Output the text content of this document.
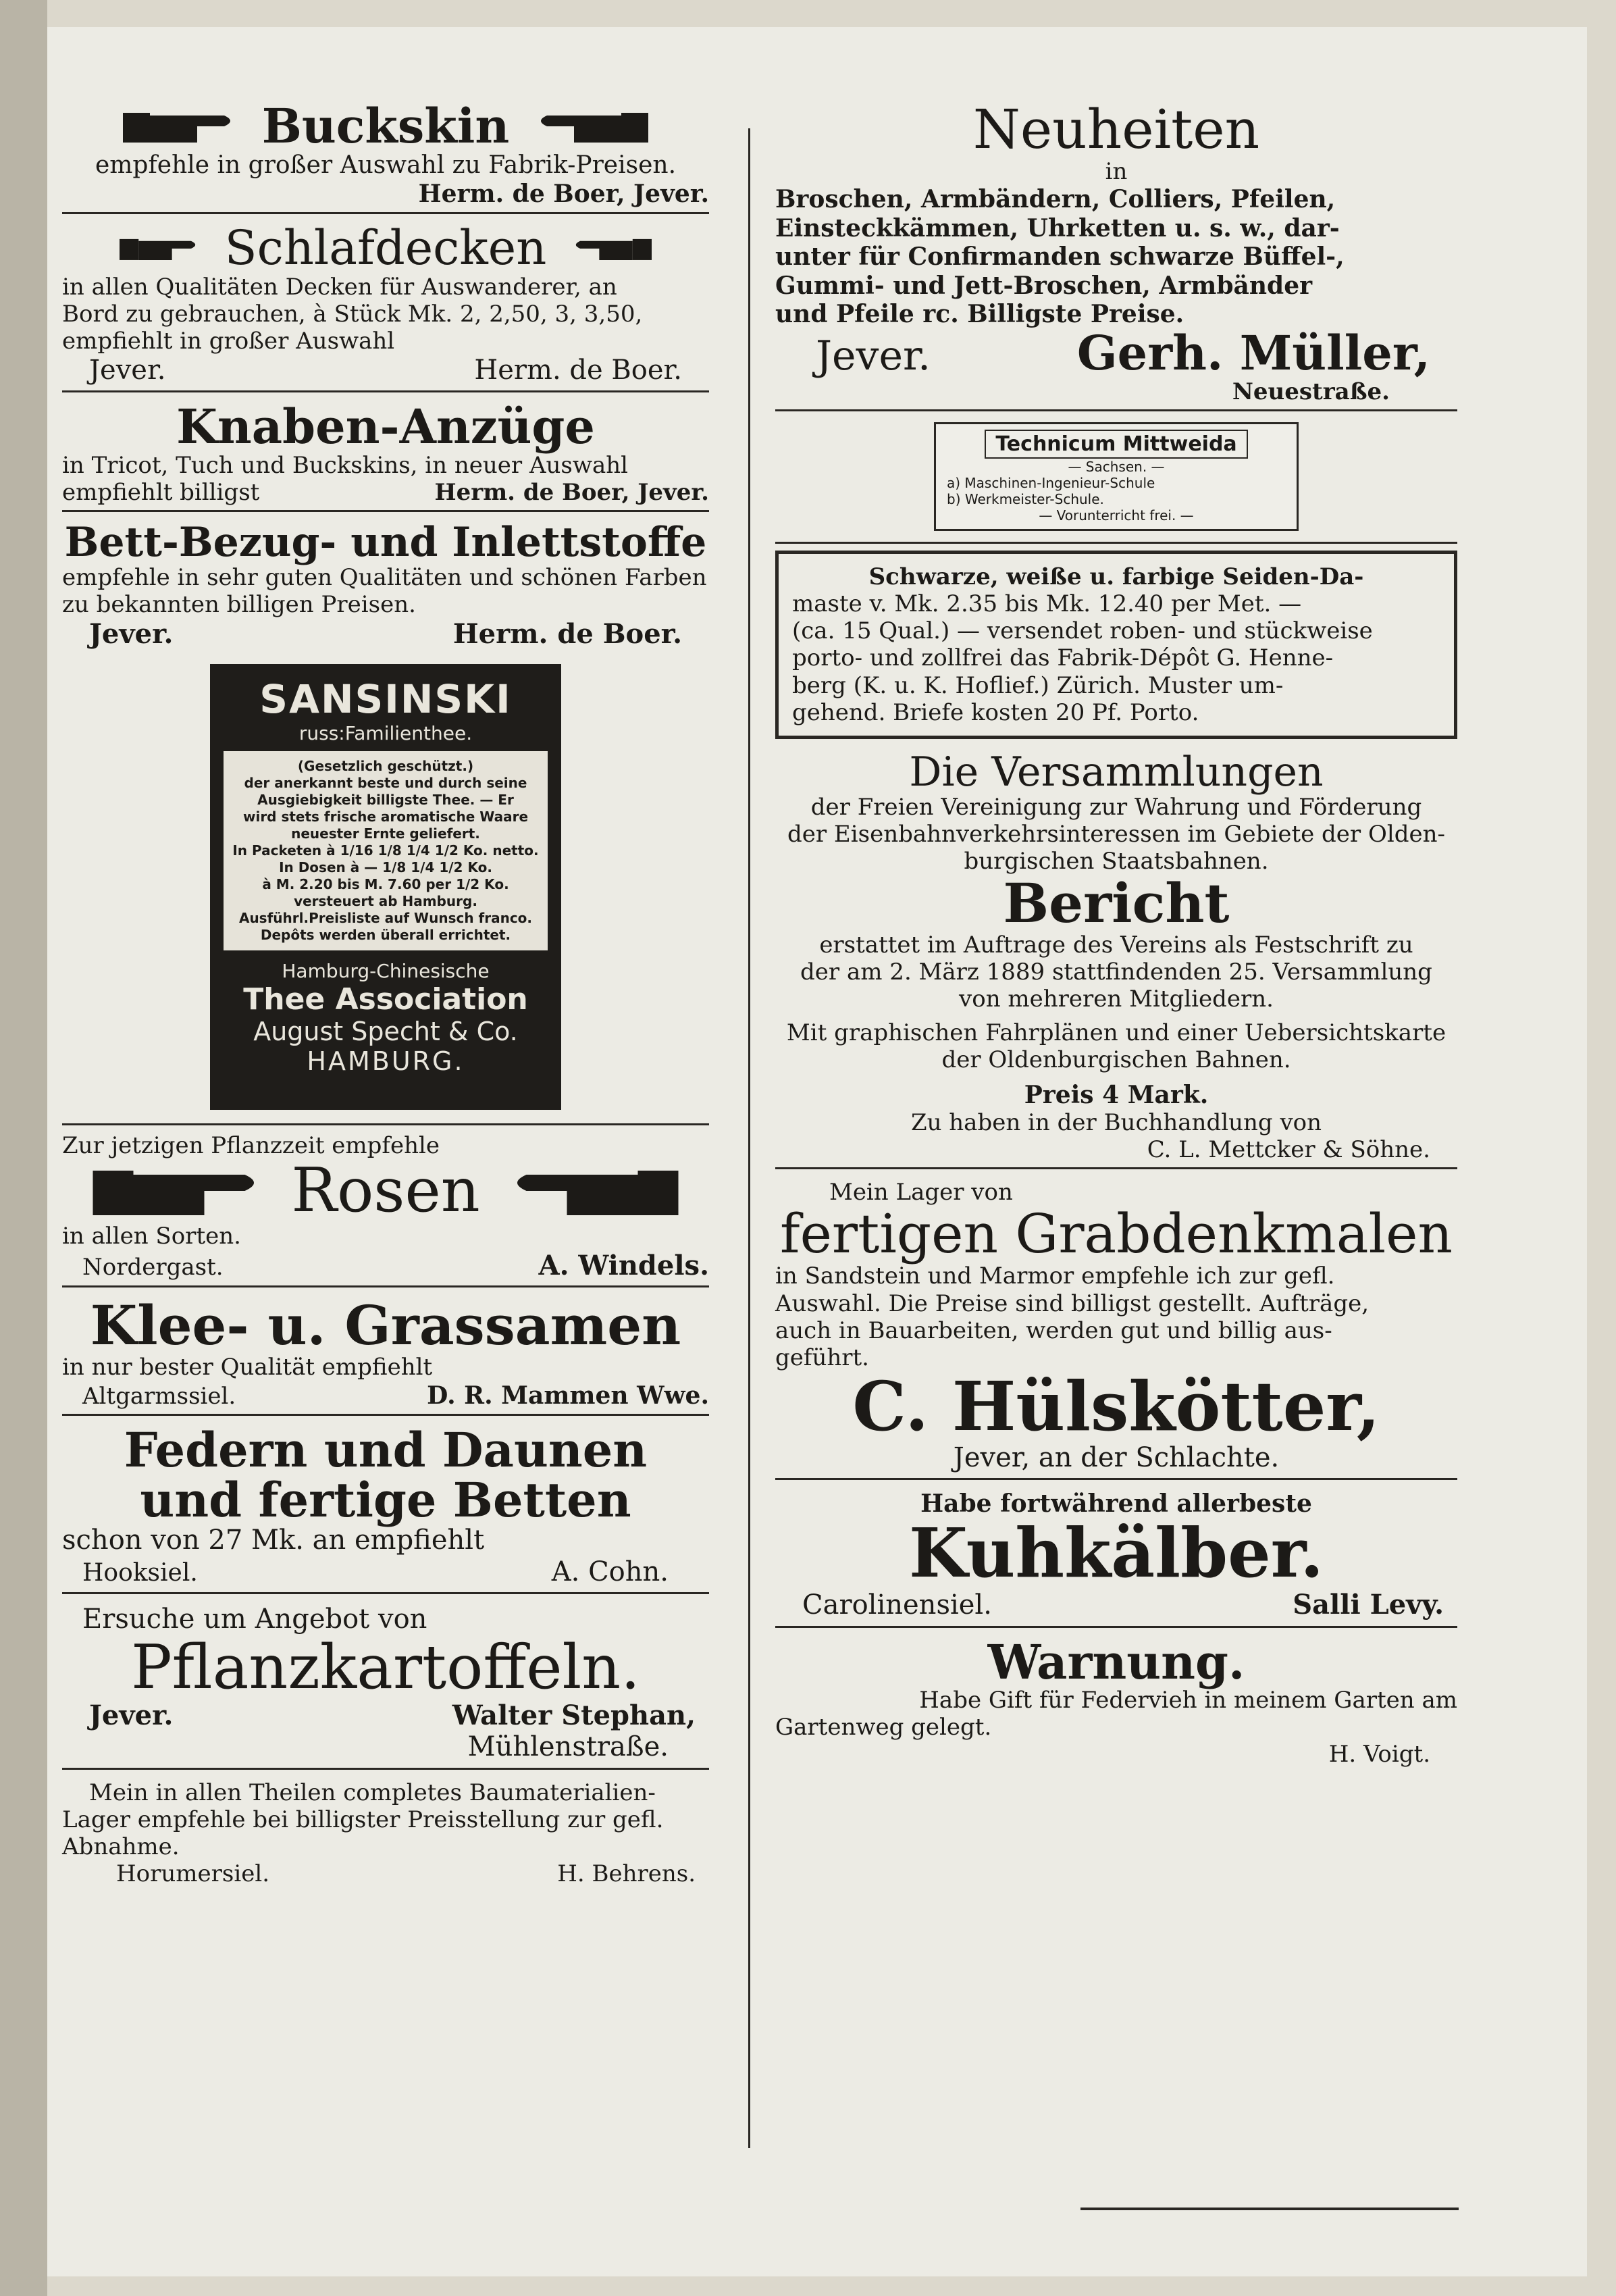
Buckskin

empfehle in großer Auswahl zu Fabrik-Preisen.

Herm. de Boer, Jever.

Schlafdecken

in allen Qualitäten Decken für Auswanderer, an

Bord zu gebrauchen, à Stück Mk. 2, 2,50, 3, 3,50,

empfiehlt in großer Auswahl

Jever.	Herm. de Boer.

Knaben-Anzüge

in Tricot, Tuch und Buckskins, in neuer Auswahl

empfiehlt billigst	Herm. de Boer, Jever.

Bett-Bezug- und Inlettstoffe

empfehle in sehr guten Qualitäten und schönen Farben

zu bekannten billigen Preisen.

Jever.	Herm. de Boer.
SANSINSKI
russ:Familienthee.
(Gesetzlich geschützt.)
der anerkannt beste und durch seine
Ausgiebigkeit billigste Thee. — Er
wird stets frische aromatische Waare
neuester Ernte geliefert.
In Packeten à 1/16 1/8 1/4 1/2 Ko. netto.
In Dosen à — 1/8 1/4 1/2 Ko.
à M. 2.20 bis M. 7.60 per 1/2 Ko.
versteuert ab Hamburg.
Ausführl.Preisliste auf Wunsch franco.
Depôts werden überall errichtet.
Hamburg-Chinesische
Thee Association
August Specht & Co.
HAMBURG.

Zur jetzigen Pflanzzeit empfehle

Rosen

in allen Sorten.

Nordergast.	A. Windels.

Klee- u. Grassamen

in nur bester Qualität empfiehlt

Altgarmssiel.	D. R. Mammen Wwe.

Federn und Daunen

und fertige Betten

schon von 27 Mk. an empfiehlt

Hooksiel.	A. Cohn.

Ersuche um Angebot von

Pflanzkartoffeln.

Jever.	Walter Stephan,

Mühlenstraße.

Mein in allen Theilen completes Baumaterialien-

Lager empfehle bei billigster Preisstellung zur gefl.

Abnahme.

Horumersiel.	H. Behrens.

Neuheiten

in

Broschen, Armbändern, Colliers, Pfeilen,

Einsteckkämmen, Uhrketten u. s. w., dar-

unter für Confirmanden schwarze Büffel-,

Gummi- und Jett-Broschen, Armbänder

und Pfeile rc. Billigste Preise.

Jever.	Gerh. Müller,

Neuestraße.

Technicum Mittweida
— Sachsen. —
a) Maschinen-Ingenieur-Schule
b) Werkmeister-Schule.
— Vorunterricht frei. —

Schwarze, weiße u. farbige Seiden-Da-

maste v. Mk. 2.35 bis Mk. 12.40 per Met. —

(ca. 15 Qual.) — versendet roben- und stückweise

porto- und zollfrei das Fabrik-Dépôt G. Henne-

berg (K. u. K. Hoflief.) Zürich. Muster um-

gehend. Briefe kosten 20 Pf. Porto.

Die Versammlungen

der Freien Vereinigung zur Wahrung und Förderung

der Eisenbahnverkehrsinteressen im Gebiete der Olden-

burgischen Staatsbahnen.

Bericht

erstattet im Auftrage des Vereins als Festschrift zu

der am 2. März 1889 stattfindenden 25. Versammlung

von mehreren Mitgliedern.

Mit graphischen Fahrplänen und einer Uebersichtskarte

der Oldenburgischen Bahnen.

Preis 4 Mark.

Zu haben in der Buchhandlung von

C. L. Mettcker & Söhne.

Mein Lager von

fertigen Grabdenkmalen

in Sandstein und Marmor empfehle ich zur gefl.

Auswahl. Die Preise sind billigst gestellt. Aufträge,

auch in Bauarbeiten, werden gut und billig aus-

geführt.

C. Hülskötter,

Jever, an der Schlachte.

Habe fortwährend allerbeste

Kuhkälber.

Carolinensiel.	Salli Levy.

Warnung.

Habe Gift für Federvieh in meinem Garten am

Gartenweg gelegt.

H. Voigt.
